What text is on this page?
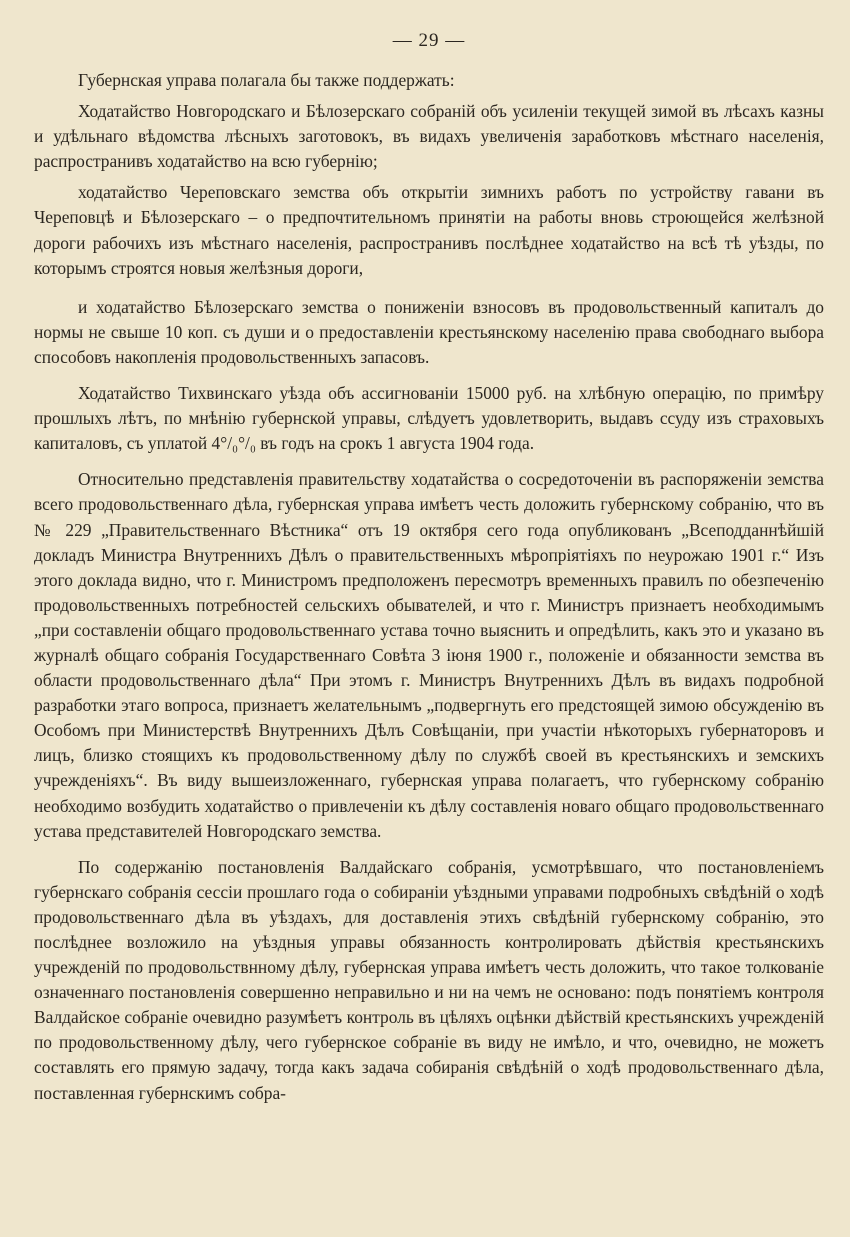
— 29 —

Губернская управа полагала бы также поддержать:

Ходатайство Новгородскаго и Бѣлозерскаго собраній объ усиленіи текущей зимой въ лѣсахъ казны и удѣльнаго вѣдомства лѣсныхъ заготовокъ, въ видахъ увеличенія заработковъ мѣстнаго населенія, распространивъ ходатайство на всю губернію;

ходатайство Череповскаго земства объ открытіи зимнихъ работъ по устройству гавани въ Череповцѣ и Бѣлозерскаго – о предпочтительномъ принятіи на работы вновь строющейся желѣзной дороги рабочихъ изъ мѣстнаго населенія, распространивъ послѣднее ходатайство на всѣ тѣ уѣзды, по которымъ строятся новыя желѣзныя дороги,

и ходатайство Бѣлозерскаго земства о пониженіи взносовъ въ продовольственный капиталъ до нормы не свыше 10 коп. съ души и о предоставленіи крестьянскому населенію права свободнаго выбора способовъ накопленія продовольственныхъ запасовъ.

Ходатайство Тихвинскаго уѣзда объ ассигнованіи 15000 руб. на хлѣбную операцію, по примѣру прошлыхъ лѣтъ, по мнѣнію губернской управы, слѣдуетъ удовлетворить, выдавъ ссуду изъ страховыхъ капиталовъ, съ уплатой 4°/₀°/₀ въ годъ на срокъ 1 августа 1904 года.

Относительно представленія правительству ходатайства о сосредоточеніи въ распоряженіи земства всего продовольственнаго дѣла, губернская управа имѣетъ честь доложить губернскому собранію, что въ № 229 „Правительственнаго Вѣстника“ отъ 19 октября сего года опубликованъ „Всеподданнѣйшій докладъ Министра Внутреннихъ Дѣлъ о правительственныхъ мѣропріятіяхъ по неурожаю 1901 г.“ Изъ этого доклада видно, что г. Министромъ предположенъ пересмотръ временныхъ правилъ по обезпеченію продовольственныхъ потребностей сельскихъ обывателей, и что г. Министръ признаетъ необходимымъ „при составленіи общаго продовольственнаго устава точно выяснить и опредѣлить, какъ это и указано въ журналѣ общаго собранія Государственнаго Совѣта 3 іюня 1900 г., положеніе и обязанности земства въ области продовольственнаго дѣла“ При этомъ г. Министръ Внутреннихъ Дѣлъ въ видахъ подробной разработки этаго вопроса, признаетъ желательнымъ „подвергнуть его предстоящей зимою обсужденію въ Особомъ при Министерствѣ Внутреннихъ Дѣлъ Совѣщаніи, при участіи нѣкоторыхъ губернаторовъ и лицъ, близко стоящихъ къ продовольственному дѣлу по службѣ своей въ крестьянскихъ и земскихъ учрежденіяхъ“. Въ виду вышеизложеннаго, губернская управа полагаетъ, что губернскому собранію необходимо возбудить ходатайство о привлеченіи къ дѣлу составленія новаго общаго продовольственнаго устава представителей Новгородскаго земства.

По содержанію постановленія Валдайскаго собранія, усмотрѣвшаго, что постановленіемъ губернскаго собранія сессіи прошлаго года о собираніи уѣздными управами подробныхъ свѣдѣній о ходѣ продовольственнаго дѣла въ уѣздахъ, для доставленія этихъ свѣдѣній губернскому собранію, это послѣднее возложило на уѣздныя управы обязанность контролировать дѣйствія крестьянскихъ учрежденій по продовольствнному дѣлу, губернская управа имѣетъ честь доложить, что такое толкованіе означеннаго постановленія совершенно неправильно и ни на чемъ не основано: подъ понятіемъ контроля Валдайское собраніе очевидно разумѣетъ контроль въ цѣляхъ оцѣнки дѣйствій крестьянскихъ учрежденій по продовольственному дѣлу, чего губернское собраніе въ виду не имѣло, и что, очевидно, не можетъ составлять его прямую задачу, тогда какъ задача собиранія свѣдѣній о ходѣ продовольственнаго дѣла, поставленная губернскимъ собра-
